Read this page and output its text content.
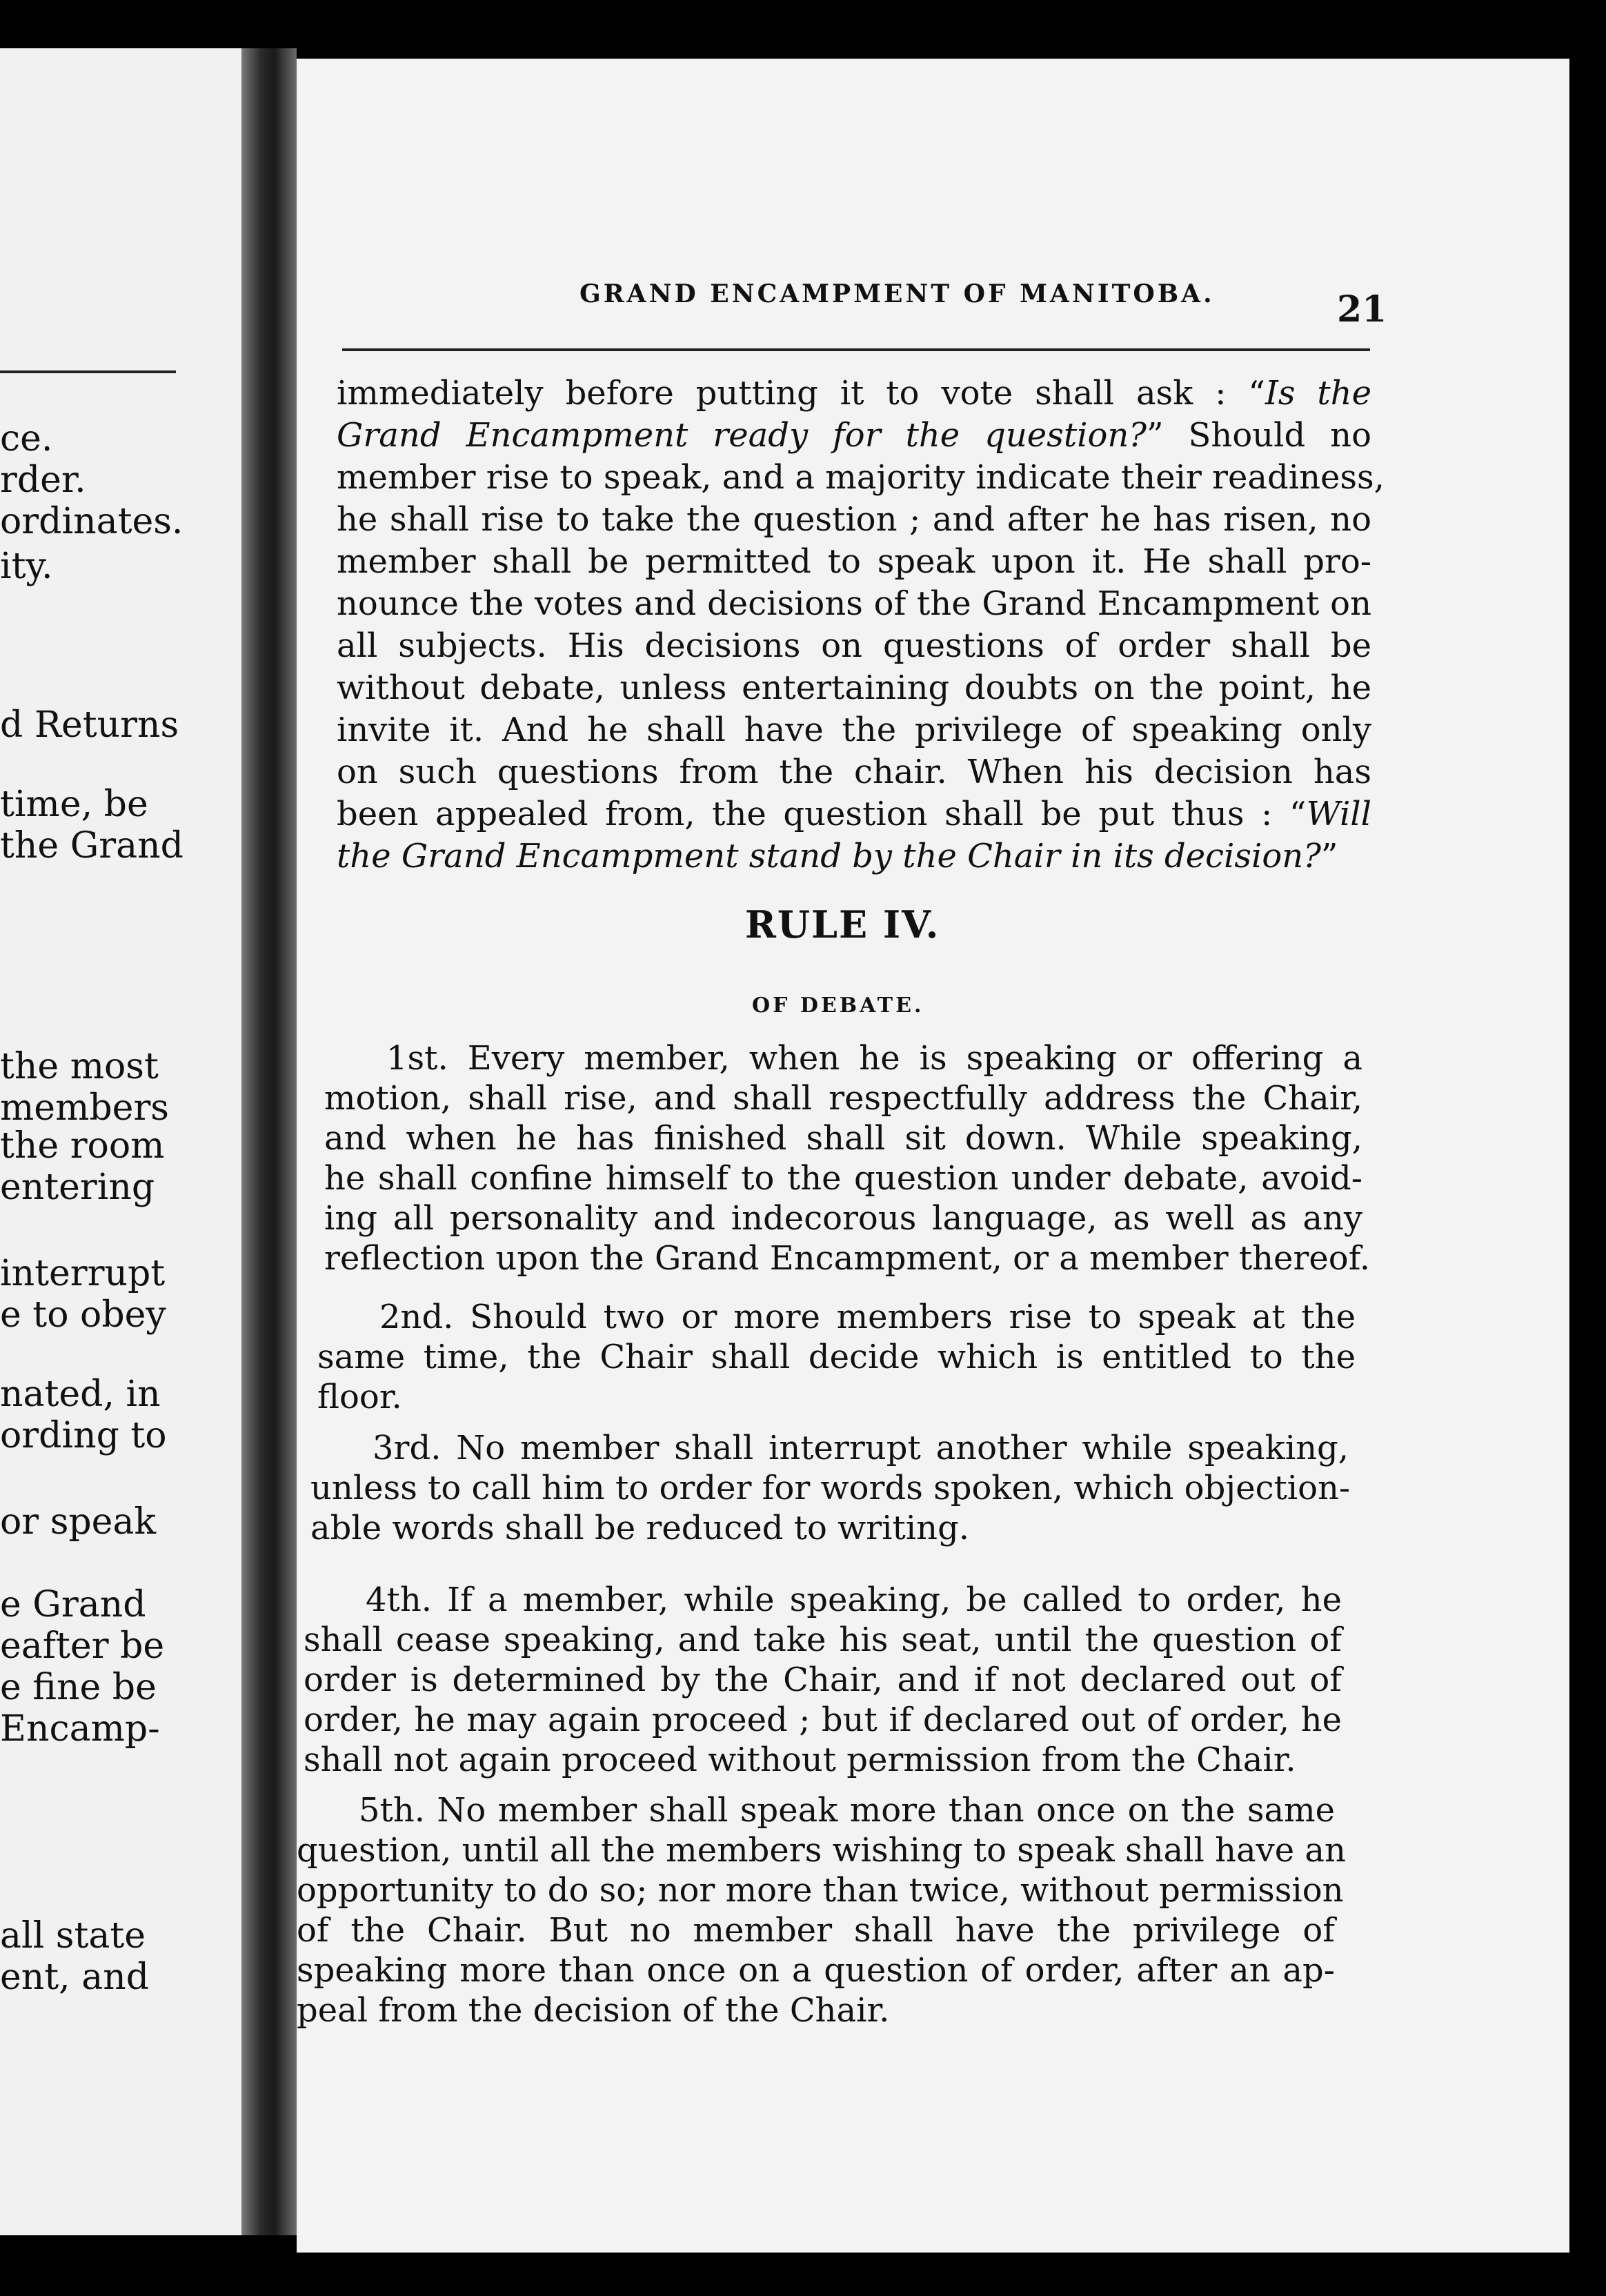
ce.
rder.
ordinates.
ity.
d Returns
time, be
the Grand
the most
members
the room
entering
interrupt
e to obey
nated, in
ording to
or speak
e Grand
eafter be
e fine be
Encamp-
all state
ent, and
GRAND ENCAMPMENT OF MANITOBA.	21
immediately before putting it to vote shall ask : “Is the
Grand Encampment ready for the question?” Should no
member rise to speak, and a majority indicate their readiness,
he shall rise to take the question ; and after he has risen, no
member shall be permitted to speak upon it. He shall pro-
nounce the votes and decisions of the Grand Encampment on
all subjects. His decisions on questions of order shall be
without debate, unless entertaining doubts on the point, he
invite it. And he shall have the privilege of speaking only
on such questions from the chair. When his decision has
been appealed from, the question shall be put thus : “Will
the Grand Encampment stand by the Chair in its decision?”
RULE IV.
OF DEBATE.
1st. Every member, when he is speaking or offering a
motion, shall rise, and shall respectfully address the Chair,
and when he has finished shall sit down. While speaking,
he shall confine himself to the question under debate, avoid-
ing all personality and indecorous language, as well as any
reflection upon the Grand Encampment, or a member thereof.
2nd. Should two or more members rise to speak at the
same time, the Chair shall decide which is entitled to the
floor.
3rd. No member shall interrupt another while speaking,
unless to call him to order for words spoken, which objection-
able words shall be reduced to writing.
4th. If a member, while speaking, be called to order, he
shall cease speaking, and take his seat, until the question of
order is determined by the Chair, and if not declared out of
order, he may again proceed ; but if declared out of order, he
shall not again proceed without permission from the Chair.
5th. No member shall speak more than once on the same
question, until all the members wishing to speak shall have an
opportunity to do so; nor more than twice, without permission
of the Chair. But no member shall have the privilege of
speaking more than once on a question of order, after an ap-
peal from the decision of the Chair.
